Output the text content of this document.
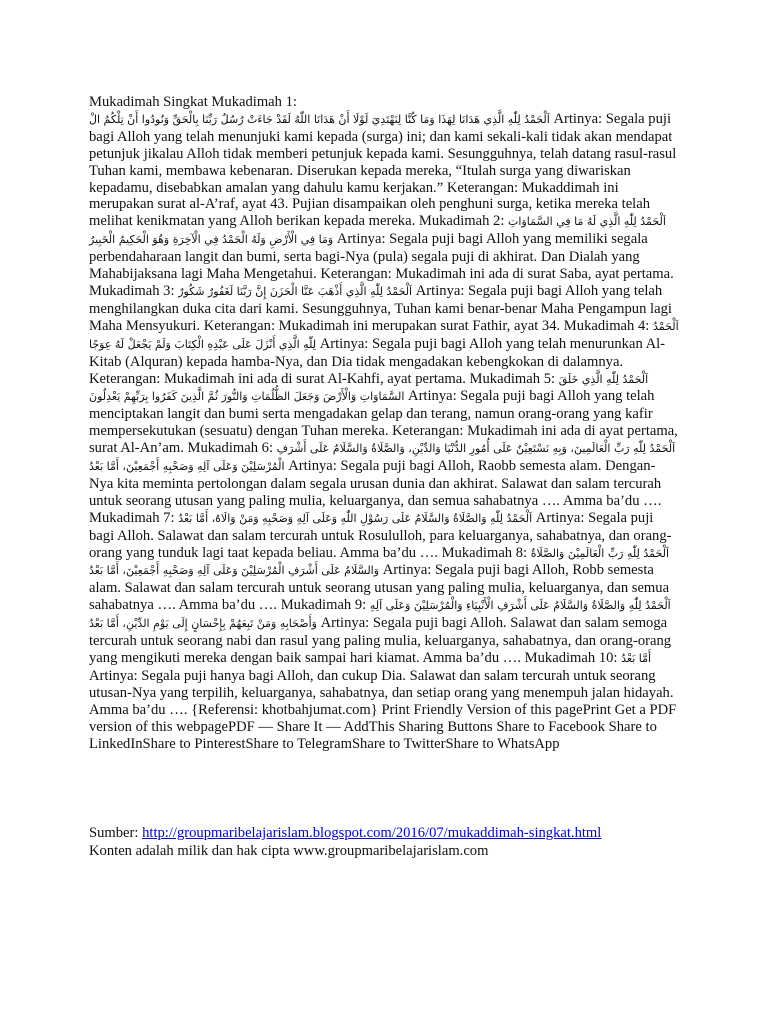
Mukadimah Singkat Mukadimah 1:
اَلْحَمْدُ لِلّٰهِ الَّذِي هَدَانَا لِهَذَا وَمَا كُنَّا لِنَهْتَدِيَ لَوْلَا أَنْ هَدَانَا اللّٰهُ لَقَدْ جَاءَتْ رُسُلُ رَبِّنَا بِالْحَقِّ وَنُودُوا أَنْ تِلْكُمُ الْ Artinya: Segala puji bagi Alloh yang telah menunjuki kami kepada (surga) ini; dan kami sekali-kali tidak akan mendapat petunjuk jikalau Alloh tidak memberi petunjuk kepada kami. Sesungguhnya, telah datang rasul-rasul Tuhan kami, membawa kebenaran. Diserukan kepada mereka, “Itulah surga yang diwariskan kepadamu, disebabkan amalan yang dahulu kamu kerjakan.” Keterangan: Mukaddimah ini merupakan surat al-A’raf, ayat 43. Pujian disampaikan oleh penghuni surga, ketika mereka telah melihat kenikmatan yang Alloh berikan kepada mereka. Mukadimah 2: اَلْحَمْدُ لِلّٰهِ الَّذِي لَهُ مَا فِي السَّمَاوَاتِ وَمَا فِي الْأَرْضِ وَلَهُ الْحَمْدُ فِي الْآخِرَةِ وَهُوَ الْحَكِيمُ الْخَبِيرُ Artinya: Segala puji bagi Alloh yang memiliki segala perbendaharaan langit dan bumi, serta bagi-Nya (pula) segala puji di akhirat. Dan Dialah yang Mahabijaksana lagi Maha Mengetahui. Keterangan: Mukadimah ini ada di surat Saba, ayat pertama. Mukadimah 3: اَلْحَمْدُ لِلّٰهِ الَّذِي أَذْهَبَ عَنَّا الْحَزَنَ إِنَّ رَبَّنَا لَغَفُورٌ شَكُورٌ Artinya: Segala puji bagi Alloh yang telah menghilangkan duka cita dari kami. Sesungguhnya, Tuhan kami benar-benar Maha Pengampun lagi Maha Mensyukuri. Keterangan: Mukadimah ini merupakan surat Fathir, ayat 34. Mukadimah 4: اَلْحَمْدُ لِلّٰهِ الَّذِي أَنْزَلَ عَلَى عَبْدِهِ الْكِتَابَ وَلَمْ يَجْعَلْ لَهُ عِوَجًا Artinya: Segala puji bagi Alloh yang telah menurunkan Al-Kitab (Alquran) kepada hamba-Nya, dan Dia tidak mengadakan kebengkokan di dalamnya. Keterangan: Mukadimah ini ada di surat Al-Kahfi, ayat pertama. Mukadimah 5: اَلْحَمْدُ لِلّٰهِ الَّذِي خَلَقَ السَّمَاوَاتِ وَالْأَرْضَ وَجَعَلَ الظُّلُمَاتِ وَالنُّورَ ثُمَّ الَّذِينَ كَفَرُوا بِرَبِّهِمْ يَعْدِلُونَ Artinya: Segala puji bagi Alloh yang telah menciptakan langit dan bumi serta mengadakan gelap dan terang, namun orang-orang yang kafir mempersekutukan (sesuatu) dengan Tuhan mereka. Keterangan: Mukadimah ini ada di ayat pertama, surat Al-An’am. Mukadimah 6: اَلْحَمْدُ لِلّٰهِ رَبِّ الْعَالَمِينَ، وَبِهِ نَسْتَعِيْنُ عَلَى أُمُورِ الدُّنْيَا وَالدِّيْنِ، وَالصَّلَاةُ وَالسَّلَامُ عَلَى أَشْرَفِ الْمُرْسَلِيْنَ وَعَلَى آلِهِ وَصَحْبِهِ أَجْمَعِيْنَ، أَمَّا بَعْدُ Artinya: Segala puji bagi Alloh, Raobb semesta alam. Dengan-Nya kita meminta pertolongan dalam segala urusan dunia dan akhirat. Salawat dan salam tercurah untuk seorang utusan yang paling mulia, keluarganya, dan semua sahabatnya …. Amma ba’du …. Mukadimah 7: اَلْحَمْدُ لِلّٰهِ وَالصَّلَاةُ وَالسَّلَامُ عَلَى رَسُوْلِ اللّٰهِ وَعَلَى آلِهِ وَصَحْبِهِ وَمَنْ وَالَاهُ، أَمَّا بَعْدُ Artinya: Segala puji bagi Alloh. Salawat dan salam tercurah untuk Rosululloh, para keluarganya, sahabatnya, dan orang-orang yang tunduk lagi taat kepada beliau. Amma ba’du …. Mukadimah 8: اَلْحَمْدُ لِلّٰهِ رَبِّ الْعَالَمِيْنَ وَالصَّلَاةُ وَالسَّلَامُ عَلَى أَشْرَفِ الْمُرْسَلِيْنَ وَعَلَى آلِهِ وَصَحْبِهِ أَجْمَعِيْنَ، أَمَّا بَعْدُ Artinya: Segala puji bagi Alloh, Robb semesta alam. Salawat dan salam tercurah untuk seorang utusan yang paling mulia, keluarganya, dan semua sahabatnya …. Amma ba’du …. Mukadimah 9: اَلْحَمْدُ لِلّٰهِ وَالصَّلَاةُ وَالسَّلَامُ عَلَى أَشْرَفِ الْأَنْبِيَاءِ وَالْمُرْسَلِيْنَ وَعَلَى آلِهِ وَأَصْحَابِهِ وَمَنْ تَبِعَهُمْ بِإِحْسَانٍ إِلَى يَوْمِ الدِّيْنِ، أَمَّا بَعْدُ Artinya: Segala puji bagi Alloh. Salawat dan salam semoga tercurah untuk seorang nabi dan rasul yang paling mulia, keluarganya, sahabatnya, dan orang-orang yang mengikuti mereka dengan baik sampai hari kiamat. Amma ba’du …. Mukadimah 10: أَمَّا بَعْدُ Artinya: Segala puji hanya bagi Alloh, dan cukup Dia. Salawat dan salam tercurah untuk seorang utusan-Nya yang terpilih, keluarganya, sahabatnya, dan setiap orang yang menempuh jalan hidayah. Amma ba’du …. {Referensi: khotbahjumat.com} Print Friendly Version of this pagePrint Get a PDF version of this webpagePDF — Share It — AddThis Sharing Buttons Share to Facebook Share to LinkedInShare to PinterestShare to TelegramShare to TwitterShare to WhatsApp

Sumber: http://groupmaribelajarislam.blogspot.com/2016/07/mukaddimah-singkat.html

Konten adalah milik dan hak cipta www.groupmaribelajarislam.com
